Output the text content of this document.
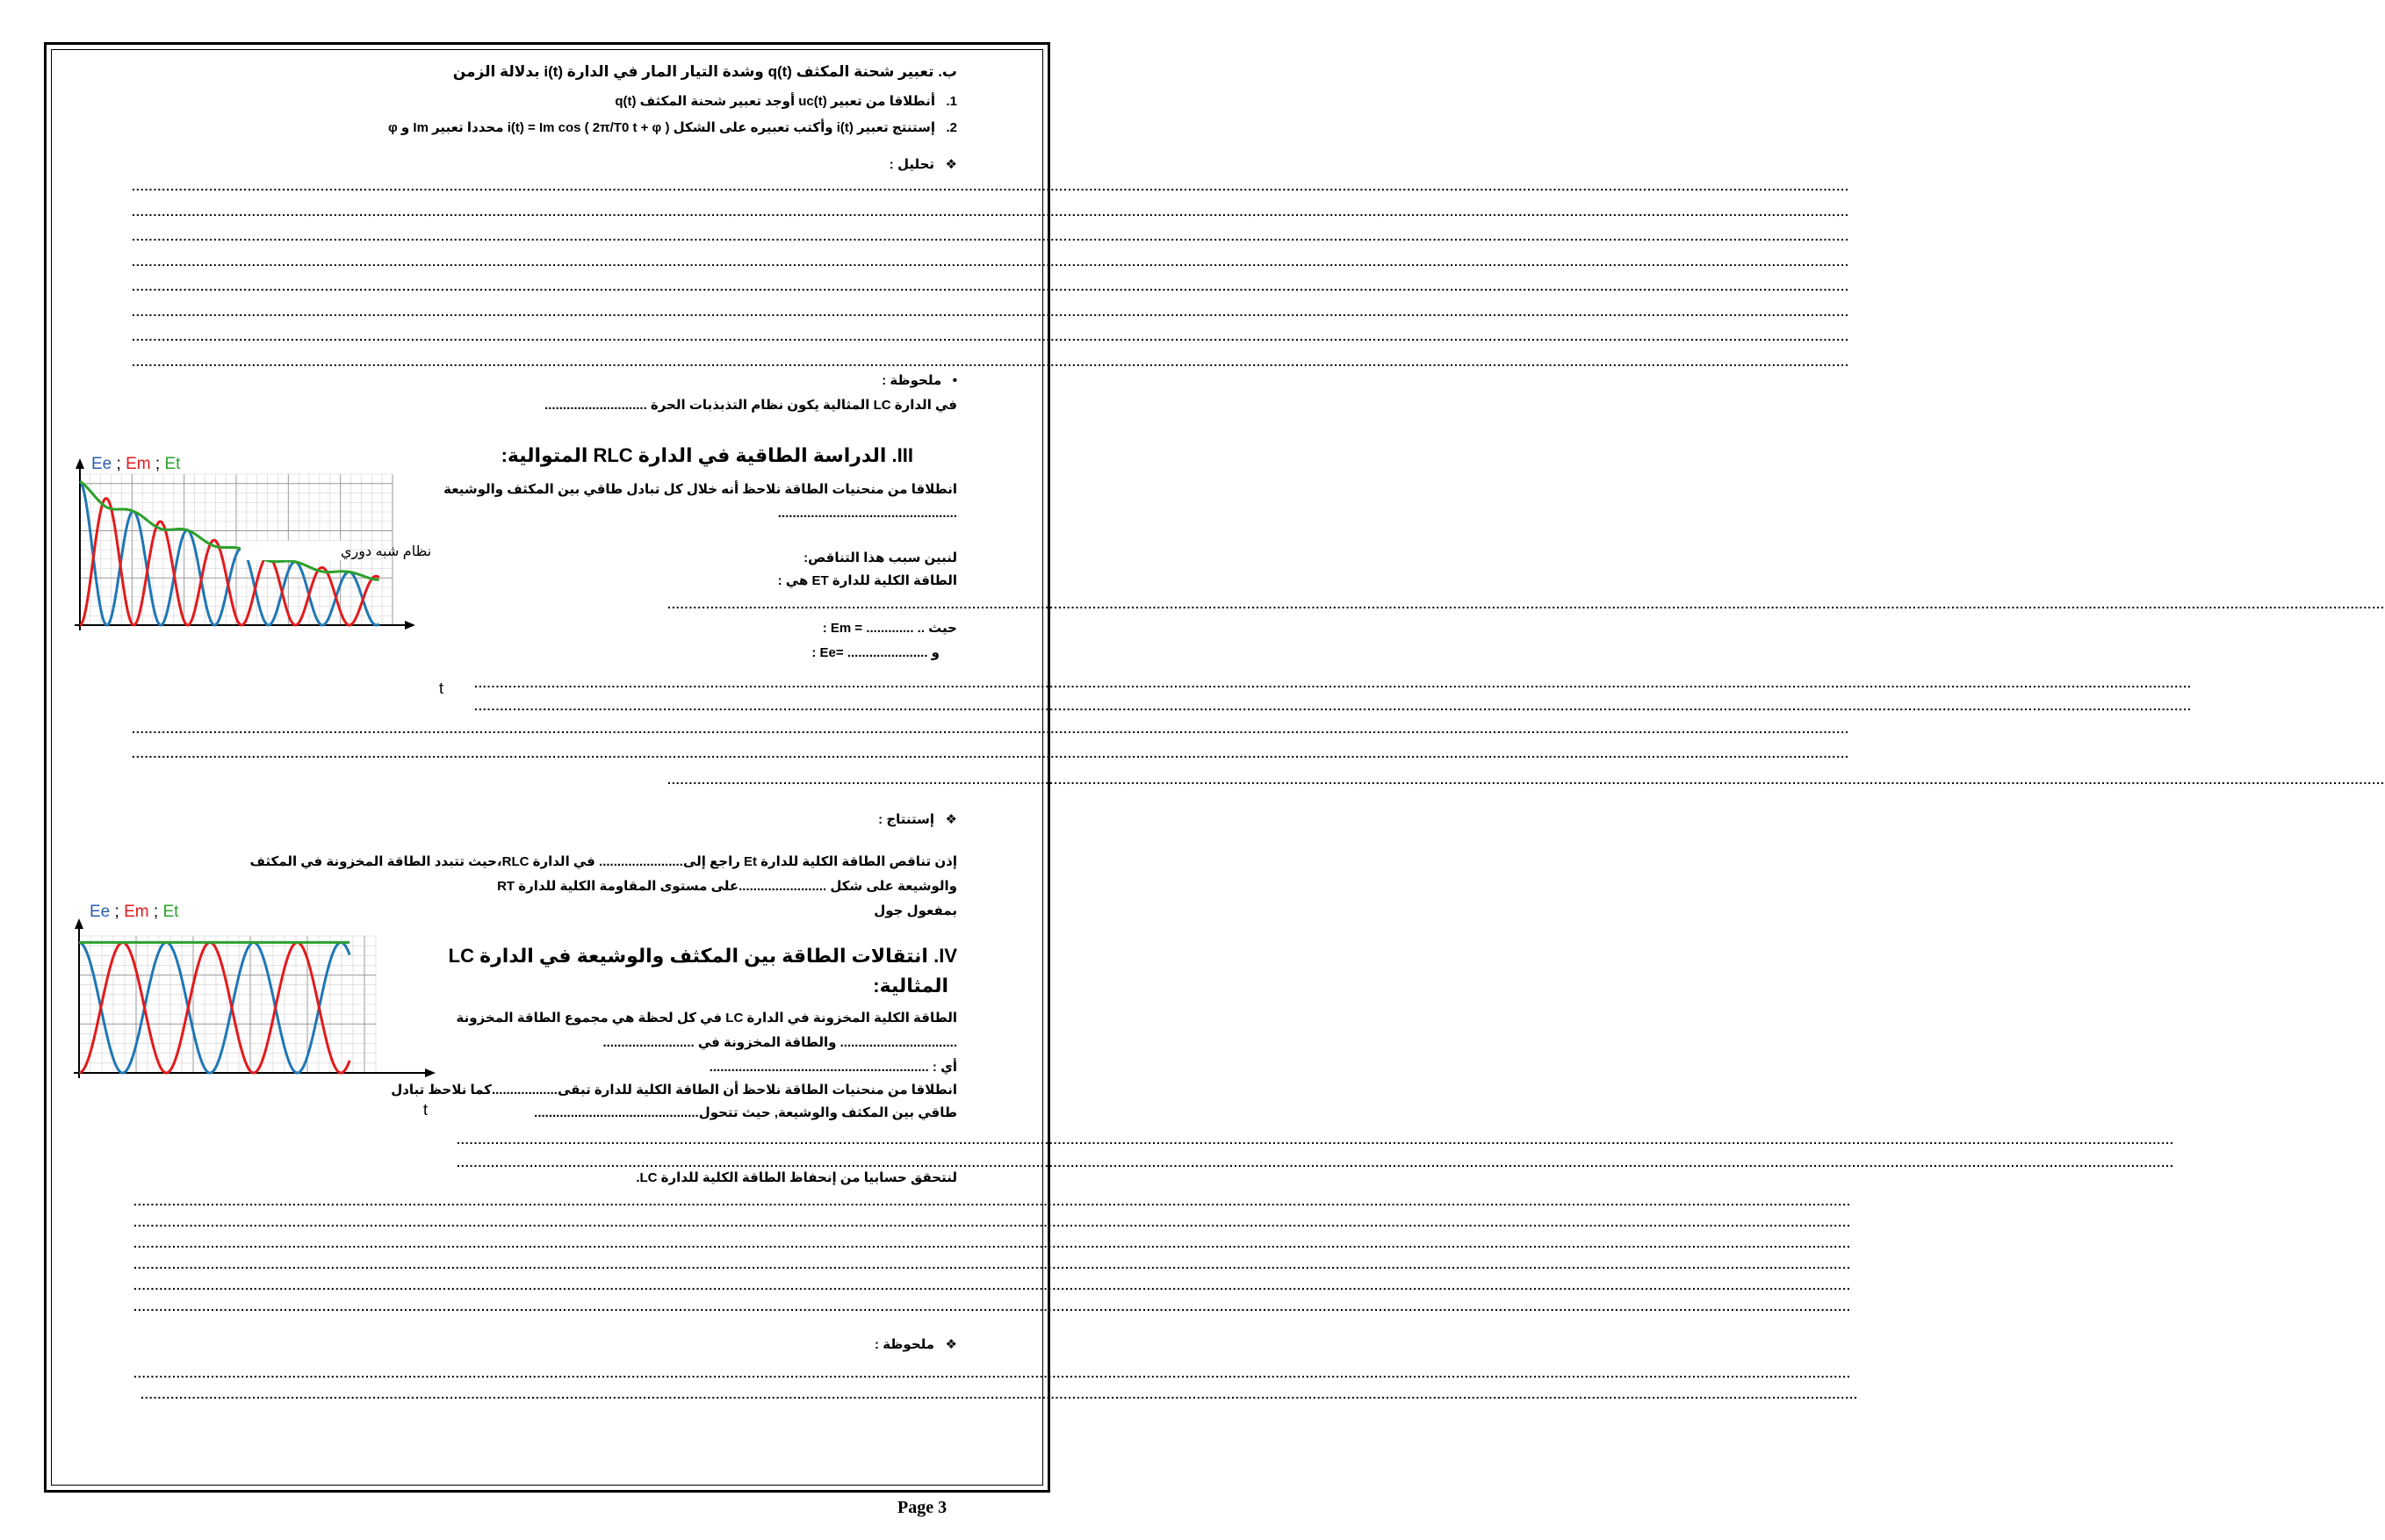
ب. تعبير شحنة المكثف q(t) وشدة التيار المار في الدارة i(t) بدلالة الزمن
1.   أنطلاقا من تعبير uc(t) أوجد تعبير شحنة المكثف q(t)
2.   إستنتج تعبير i(t) وأكتب تعبيره على الشكل i(t) = Im cos ( 2π/T0 t + φ ) محددا تعبير Im و φ
❖   تحليل :
................................................................................................................................................................................................................................................................................................................................................................................................................
................................................................................................................................................................................................................................................................................................................................................................................................................
................................................................................................................................................................................................................................................................................................................................................................................................................
................................................................................................................................................................................................................................................................................................................................................................................................................
................................................................................................................................................................................................................................................................................................................................................................................................................
................................................................................................................................................................................................................................................................................................................................................................................................................
................................................................................................................................................................................................................................................................................................................................................................................................................
................................................................................................................................................................................................................................................................................................................................................................................................................
•   ملحوظة :
في الدارة LC المثالية يكون نظام التذبذبات الحرة ............................
III. الدراسة الطاقية في الدارة RLC المتوالية:
انطلاقا من منحنيات الطاقة نلاحظ أنه خلال كل تبادل طاقي بين المكثف والوشيعة
.................................................
لنبين سبب هذا التناقص:
الطاقة الكلية للدارة ET هي :
حيث .. ............. = Em :
و ...................... =Ee :
................................................................................................................................................................................................................................................................................................................................................................................................................
................................................................................................................................................................................................................................................................................................................................................................................................................
................................................................................................................................................................................................................................................................................................................................................................................................................
................................................................................................................................................................................................................................................................................................................................................................................................................
................................................................................................................................................................................................................................................................................................................................................................................................................
................................................................................................................................................................................................................................................................................................................................................................................................................
❖   إستنتاج :
إذن تناقص الطاقة الكلية للدارة Et راجع إلى....................... في الدارة RLC،حيث تتبدد الطاقة المخزونة في المكثف
والوشيعة على شكل ........................على مستوى المقاومة الكلية للدارة RT
بمفعول جول
IV. انتقالات الطاقة بين المكثف والوشيعة في الدارة LC
المثالية:
الطاقة الكلية المخزونة في الدارة LC في كل لحظة هي مجموع الطاقة المخزونة
................................ والطاقة المخزونة في .........................
أي : ............................................................
انطلاقا من منحنيات الطاقة نلاحظ أن الطاقة الكلية للدارة تبقى..................كما نلاحظ تبادل
طاقي بين المكثف والوشيعة, حيث تتحول.............................................
لنتحقق حسابيا من إنحفاظ الطاقة الكلية للدارة LC.
❖   ملحوظة :
................................................................................................................................................................................................................................................................................................................................................................................................................
................................................................................................................................................................................................................................................................................................................................................................................................................
................................................................................................................................................................................................................................................................................................................................................................................................................
................................................................................................................................................................................................................................................................................................................................................................................................................
................................................................................................................................................................................................................................................................................................................................................................................................................
................................................................................................................................................................................................................................................................................................................................................................................................................
................................................................................................................................................................................................................................................................................................................................................................................................................
................................................................................................................................................................................................................................................................................................................................................................................................................
................................................................................................................................................................................................................................................................................................................................................................................................................
................................................................................................................................................................................................................................................................................................................................................................................................................
Ee ; Em ; Et
نظام شبه دوري
t
Ee ; Em ; Et
t
Page 3
